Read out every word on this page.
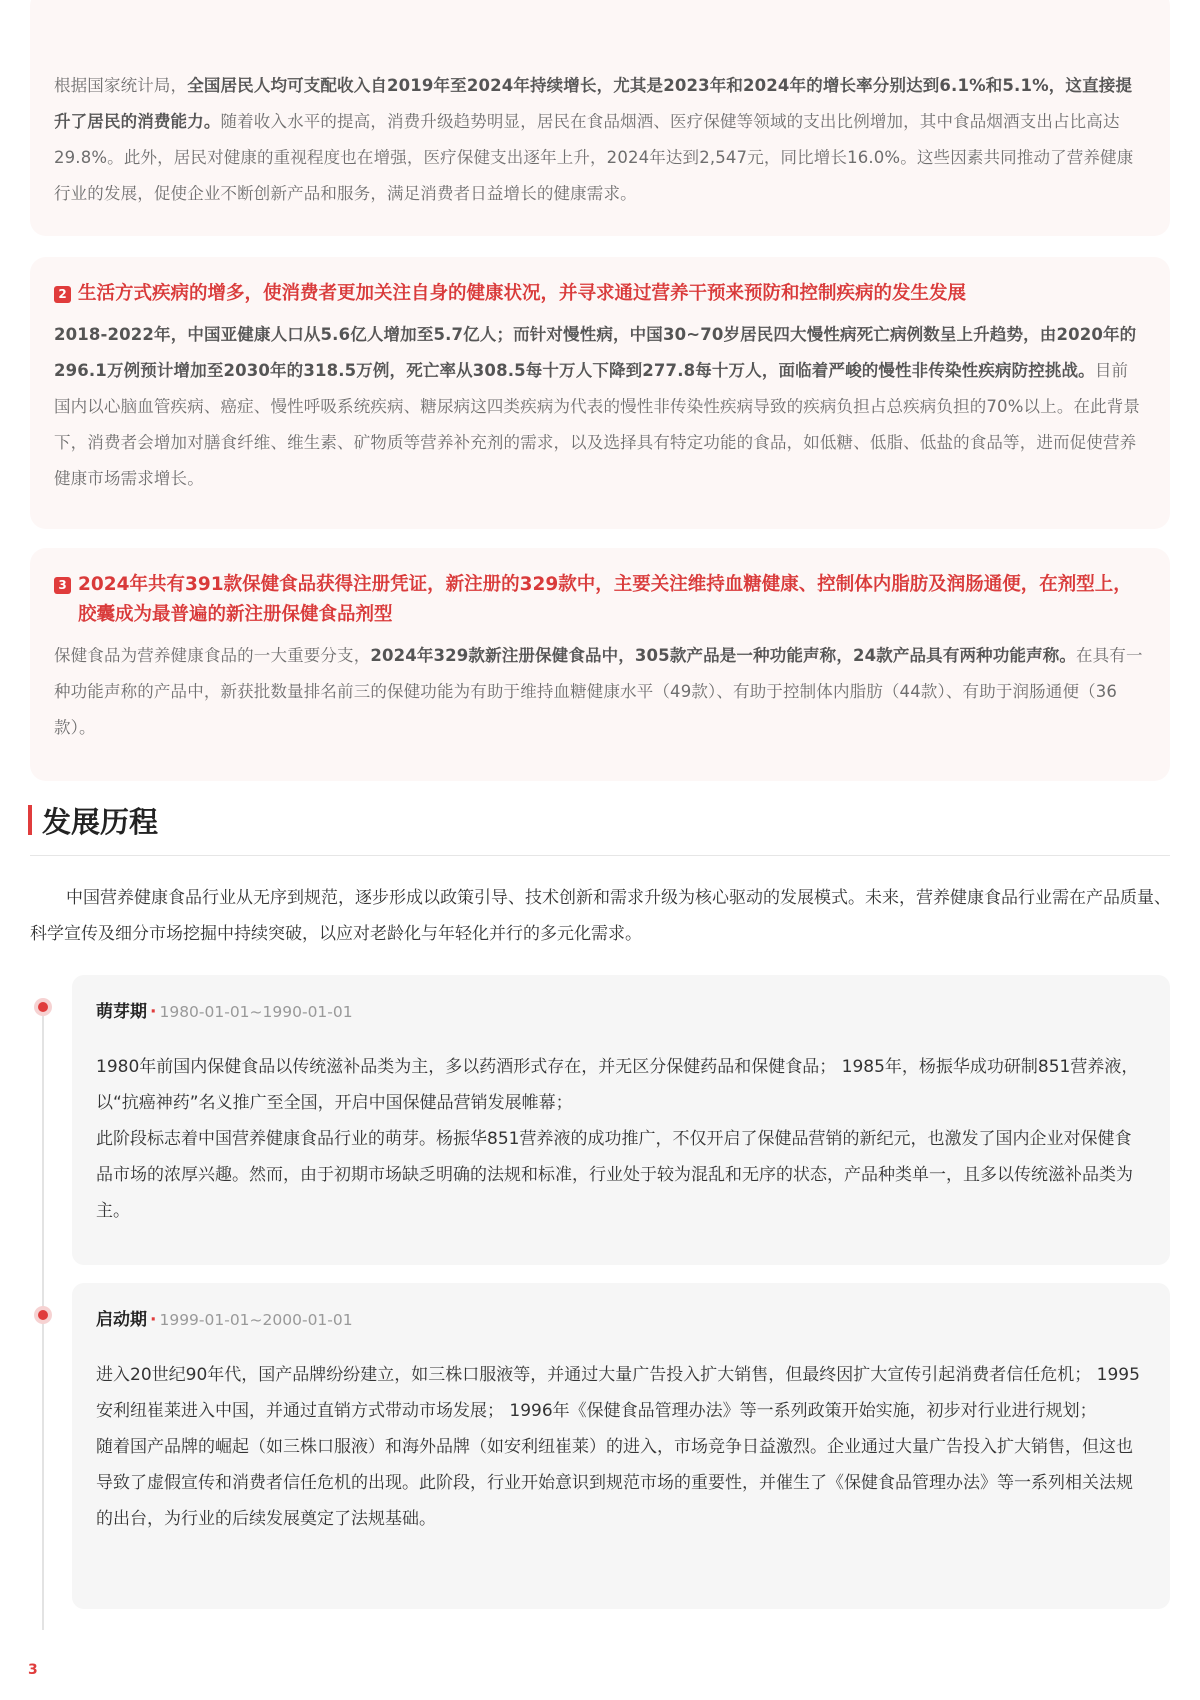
根据国家统计局，全国居民人均可支配收入自2019年至2024年持续增长，尤其是2023年和2024年的增长率分别达到6.1%和5.1%，这直接提升了居民的消费能力。随着收入水平的提高，消费升级趋势明显，居民在食品烟酒、医疗保健等领域的支出比例增加，其中食品烟酒支出占比高达29.8%。此外，居民对健康的重视程度也在增强，医疗保健支出逐年上升，2024年达到2,547元，同比增长16.0%。这些因素共同推动了营养健康行业的发展，促使企业不断创新产品和服务，满足消费者日益增长的健康需求。

2 生活方式疾病的增多，使消费者更加关注自身的健康状况，并寻求通过营养干预来预防和控制疾病的发生发展

2018-2022年，中国亚健康人口从5.6亿人增加至5.7亿人；而针对慢性病，中国30~70岁居民四大慢性病死亡病例数呈上升趋势，由2020年的296.1万例预计增加至2030年的318.5万例，死亡率从308.5每十万人下降到277.8每十万人，面临着严峻的慢性非传染性疾病防控挑战。目前国内以心脑血管疾病、癌症、慢性呼吸系统疾病、糖尿病这四类疾病为代表的慢性非传染性疾病导致的疾病负担占总疾病负担的70%以上。在此背景下，消费者会增加对膳食纤维、维生素、矿物质等营养补充剂的需求，以及选择具有特定功能的食品，如低糖、低脂、低盐的食品等，进而促使营养健康市场需求增长。

3 2024年共有391款保健食品获得注册凭证，新注册的329款中，主要关注维持血糖健康、控制体内脂肪及润肠通便，在剂型上，胶囊成为最普遍的新注册保健食品剂型

保健食品为营养健康食品的一大重要分支，2024年329款新注册保健食品中，305款产品是一种功能声称，24款产品具有两种功能声称。在具有一种功能声称的产品中，新获批数量排名前三的保健功能为有助于维持血糖健康水平（49款）、有助于控制体内脂肪（44款）、有助于润肠通便（36款）。

发展历程
中国营养健康食品行业从无序到规范，逐步形成以政策引导、技术创新和需求升级为核心驱动的发展模式。未来，营养健康食品行业需在产品质量、科学宣传及细分市场挖掘中持续突破，以应对老龄化与年轻化并行的多元化需求。
萌芽期 · 1980-01-01~1990-01-01

1980年前国内保健食品以传统滋补品类为主，多以药酒形式存在，并无区分保健药品和保健食品； 1985年，杨振华成功研制851营养液，以“抗癌神药”名义推广至全国，开启中国保健品营销发展帷幕；

此阶段标志着中国营养健康食品行业的萌芽。杨振华851营养液的成功推广，不仅开启了保健品营销的新纪元，也激发了国内企业对保健食品市场的浓厚兴趣。然而，由于初期市场缺乏明确的法规和标准，行业处于较为混乱和无序的状态，产品种类单一，且多以传统滋补品类为主。

启动期 · 1999-01-01~2000-01-01

进入20世纪90年代，国产品牌纷纷建立，如三株口服液等，并通过大量广告投入扩大销售，但最终因扩大宣传引起消费者信任危机； 1995安利纽崔莱进入中国，并通过直销方式带动市场发展； 1996年《保健食品管理办法》等一系列政策开始实施，初步对行业进行规划；

随着国产品牌的崛起（如三株口服液）和海外品牌（如安利纽崔莱）的进入，市场竞争日益激烈。企业通过大量广告投入扩大销售，但这也导致了虚假宣传和消费者信任危机的出现。此阶段，行业开始意识到规范市场的重要性，并催生了《保健食品管理办法》等一系列相关法规的出台，为行业的后续发展奠定了法规基础。

3
